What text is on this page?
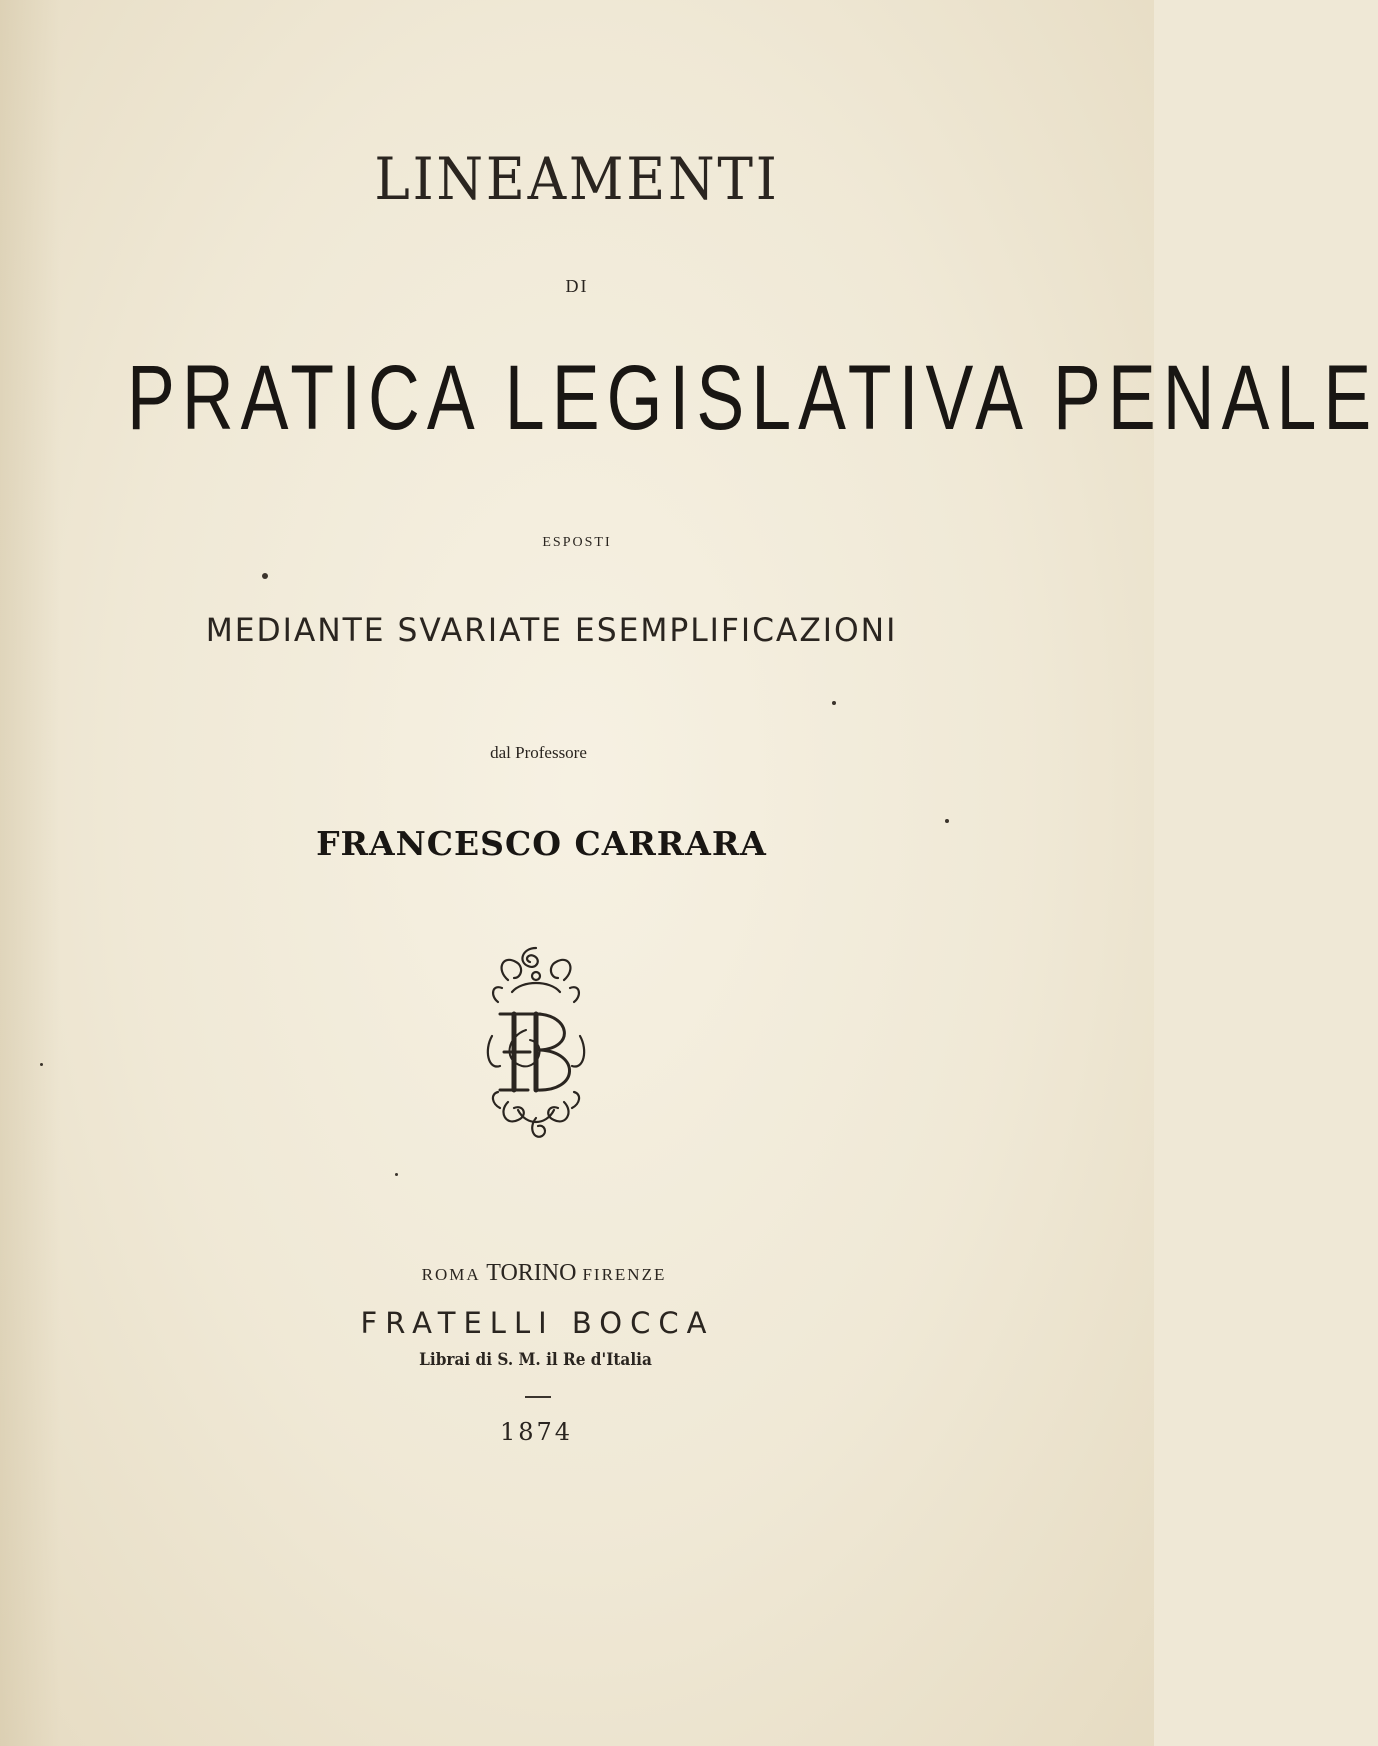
LINEAMENTI
DI
PRATICA LEGISLATIVA PENALE
ESPOSTI
MEDIANTE SVARIATE ESEMPLIFICAZIONI
dal Professore
FRANCESCO CARRARA
ROMA TORINO FIRENZE
FRATELLI BOCCA
Librai di S. M. il Re d'Italia
1874
